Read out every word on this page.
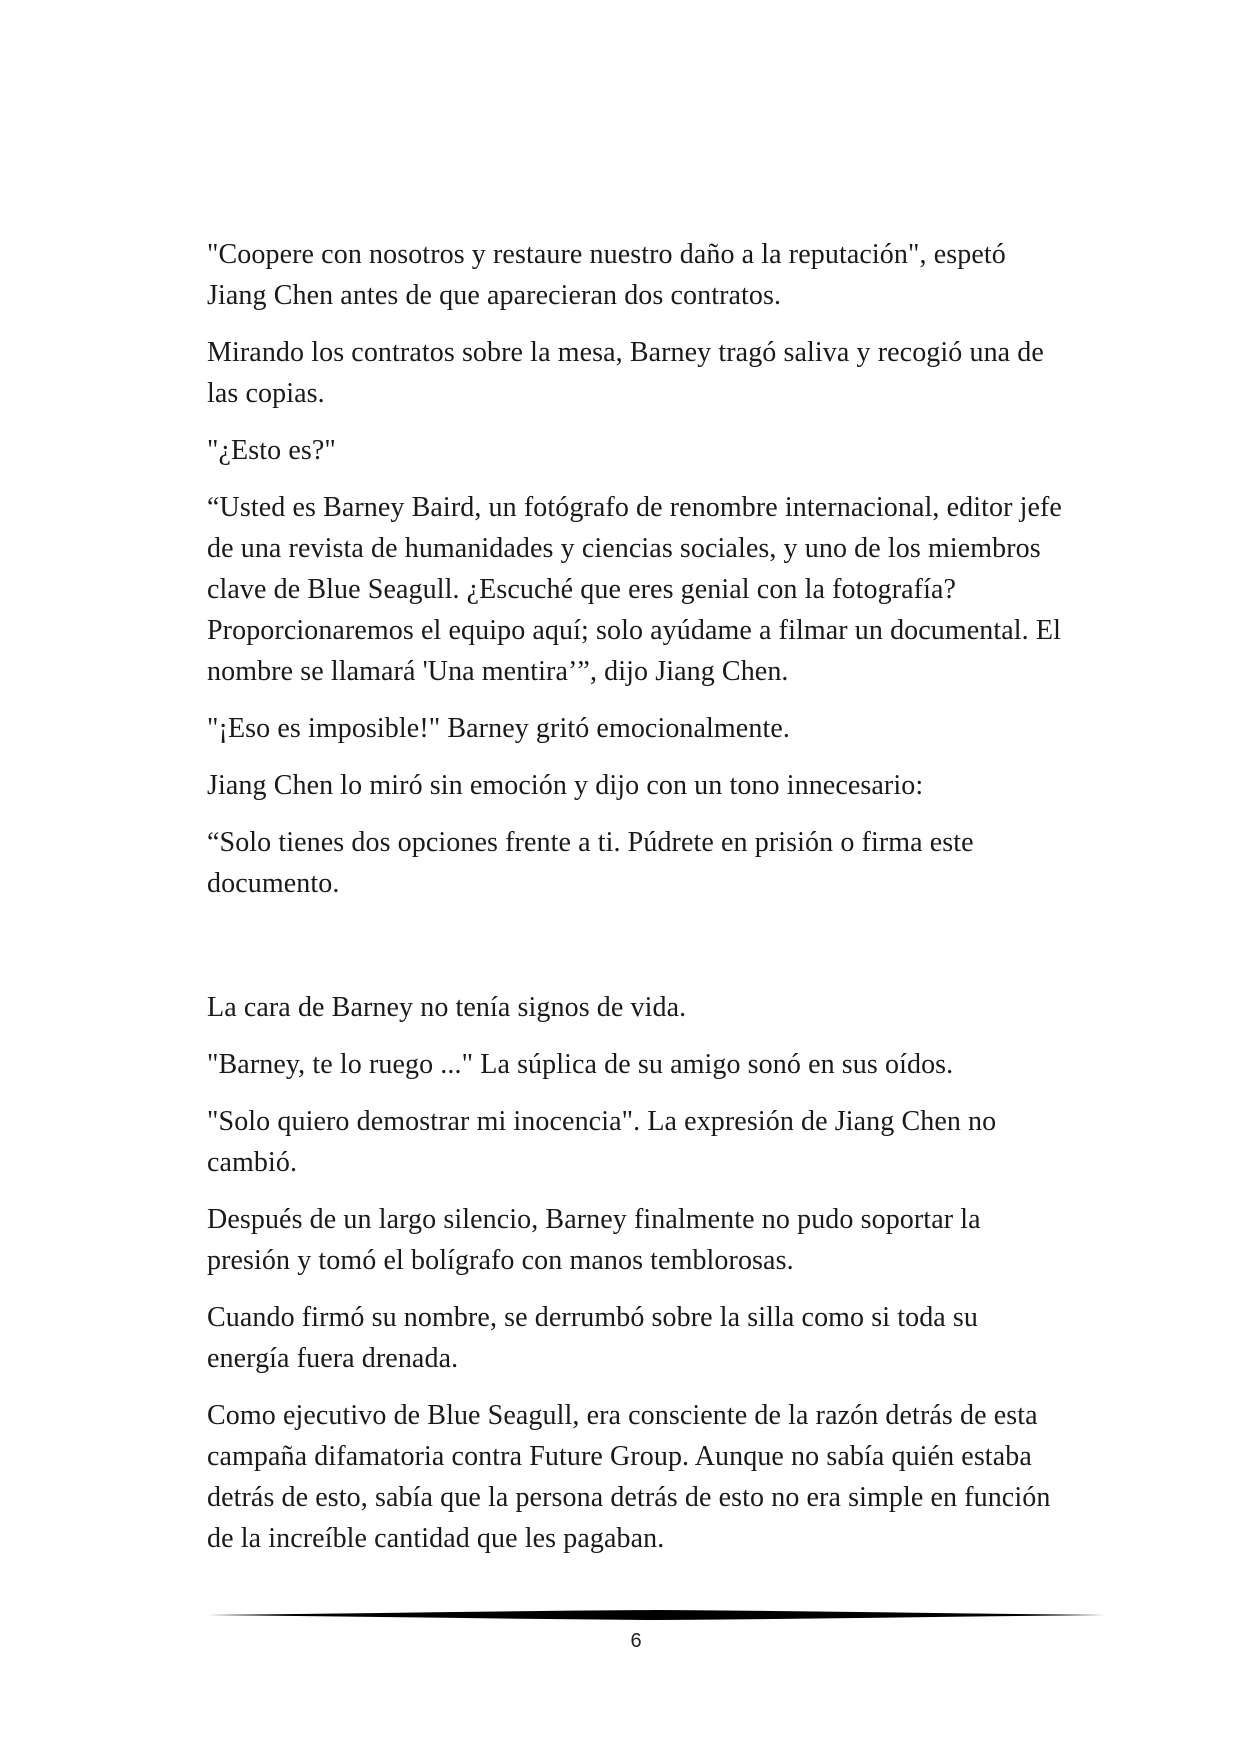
"Coopere con nosotros y restaure nuestro daño a la reputación", espetó Jiang Chen antes de que aparecieran dos contratos.

Mirando los contratos sobre la mesa, Barney tragó saliva y recogió una de las copias.

"¿Esto es?"

“Usted es Barney Baird, un fotógrafo de renombre internacional, editor jefe de una revista de humanidades y ciencias sociales, y uno de los miembros clave de Blue Seagull. ¿Escuché que eres genial con la fotografía? Proporcionaremos el equipo aquí; solo ayúdame a filmar un documental. El nombre se llamará 'Una mentira’”, dijo Jiang Chen.

"¡Eso es imposible!" Barney gritó emocionalmente.

Jiang Chen lo miró sin emoción y dijo con un tono innecesario:

“Solo tienes dos opciones frente a ti. Púdrete en prisión o firma este documento.

La cara de Barney no tenía signos de vida.

"Barney, te lo ruego ..." La súplica de su amigo sonó en sus oídos.

"Solo quiero demostrar mi inocencia". La expresión de Jiang Chen no cambió.

Después de un largo silencio, Barney finalmente no pudo soportar la presión y tomó el bolígrafo con manos temblorosas.

Cuando firmó su nombre, se derrumbó sobre la silla como si toda su energía fuera drenada.

Como ejecutivo de Blue Seagull, era consciente de la razón detrás de esta campaña difamatoria contra Future Group. Aunque no sabía quién estaba detrás de esto, sabía que la persona detrás de esto no era simple en función de la increíble cantidad que les pagaban.

6
